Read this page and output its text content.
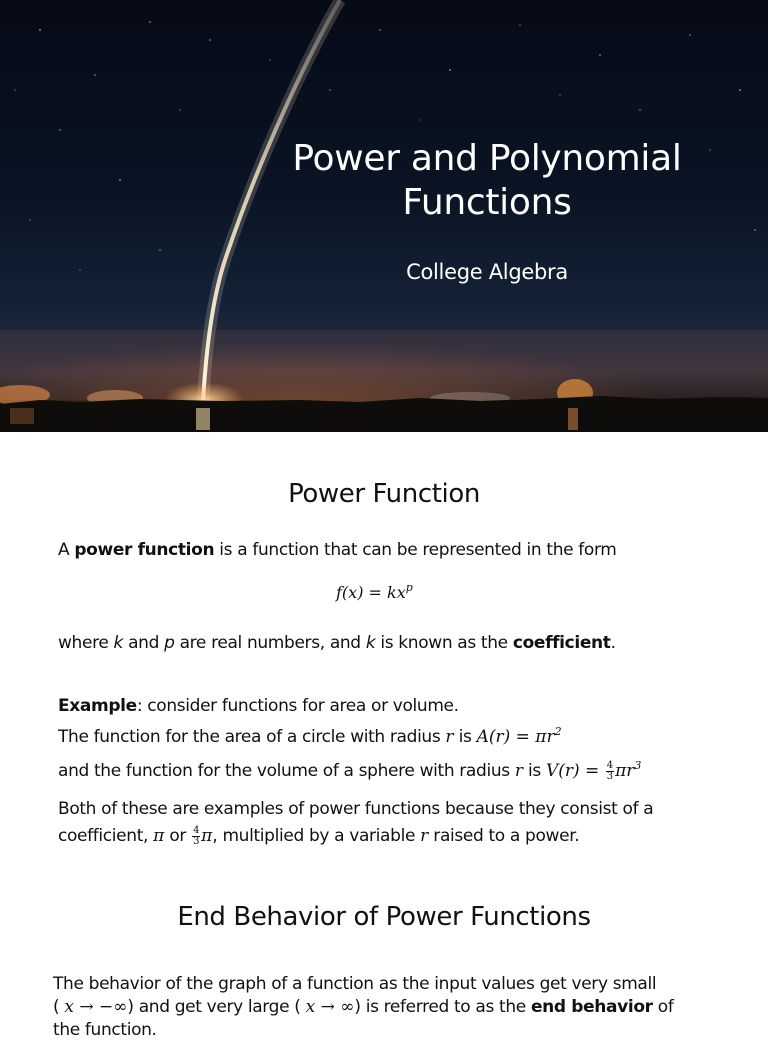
Power and Polynomial Functions

College Algebra

Power Function

A power function is a function that can be represented in the form

$f(x) = kx^p$

where k and p are real numbers, and k is known as the coefficient.

Example: consider functions for area or volume.

The function for the area of a circle with radius r is $A(r) = \pi r^2$

and the function for the volume of a sphere with radius r is $V(r) = \frac{4}{3} \pi r^3$

Both of these are examples of power functions because they consist of a

coefficient, π or $\frac{4}{3} \pi$, multiplied by a variable r raised to a power.

End Behavior of Power Functions

The behavior of the graph of a function as the input values get very small

( x → −∞) and get very large ( x → ∞) is referred to as the end behavior of

the function.
